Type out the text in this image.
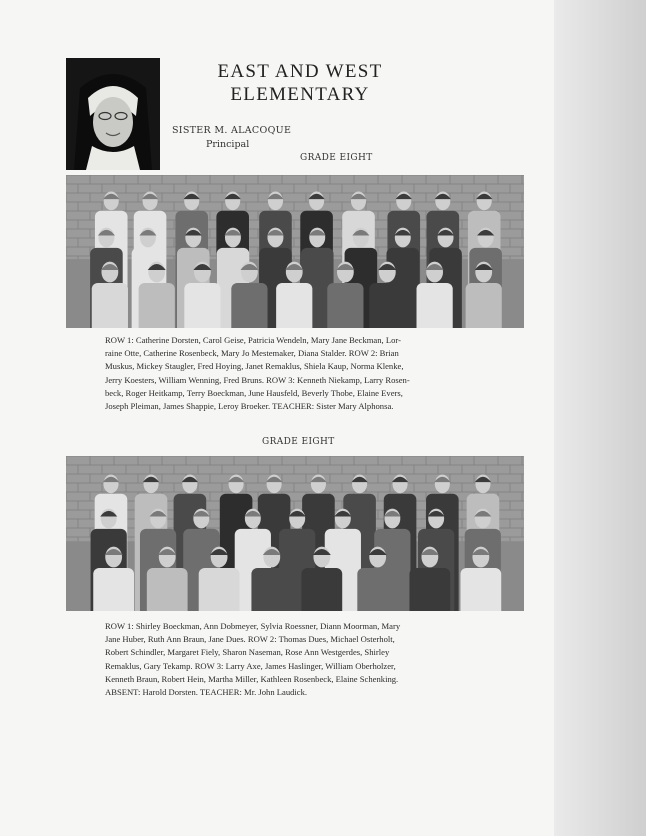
EAST AND WEST
ELEMENTARY
SISTER M. ALACOQUE
Principal
GRADE EIGHT

ROW 1: Catherine Dorsten, Carol Geise, Patricia Wendeln, Mary Jane Beckman, Lor-
raine Otte, Catherine Rosenbeck, Mary Jo Mestemaker, Diana Stalder. ROW 2: Brian
Muskus, Mickey Staugler, Fred Hoying, Janet Remaklus, Shiela Kaup, Norma Klenke,
Jerry Koesters, William Wenning, Fred Bruns. ROW 3: Kenneth Niekamp, Larry Rosen-
beck, Roger Heitkamp, Terry Boeckman, June Hausfeld, Beverly Thobe, Elaine Evers,
Joseph Pleiman, James Shappie, Leroy Broeker. TEACHER: Sister Mary Alphonsa.

GRADE EIGHT

ROW 1: Shirley Boeckman, Ann Dobmeyer, Sylvia Roessner, Diann Moorman, Mary
Jane Huber, Ruth Ann Braun, Jane Dues. ROW 2: Thomas Dues, Michael Osterholt,
Robert Schindler, Margaret Fiely, Sharon Naseman, Rose Ann Westgerdes, Shirley
Remaklus, Gary Tekamp. ROW 3: Larry Axe, James Haslinger, William Oberholzer,
Kenneth Braun, Robert Hein, Martha Miller, Kathleen Rosenbeck, Elaine Schenking.
ABSENT: Harold Dorsten. TEACHER: Mr. John Laudick.
